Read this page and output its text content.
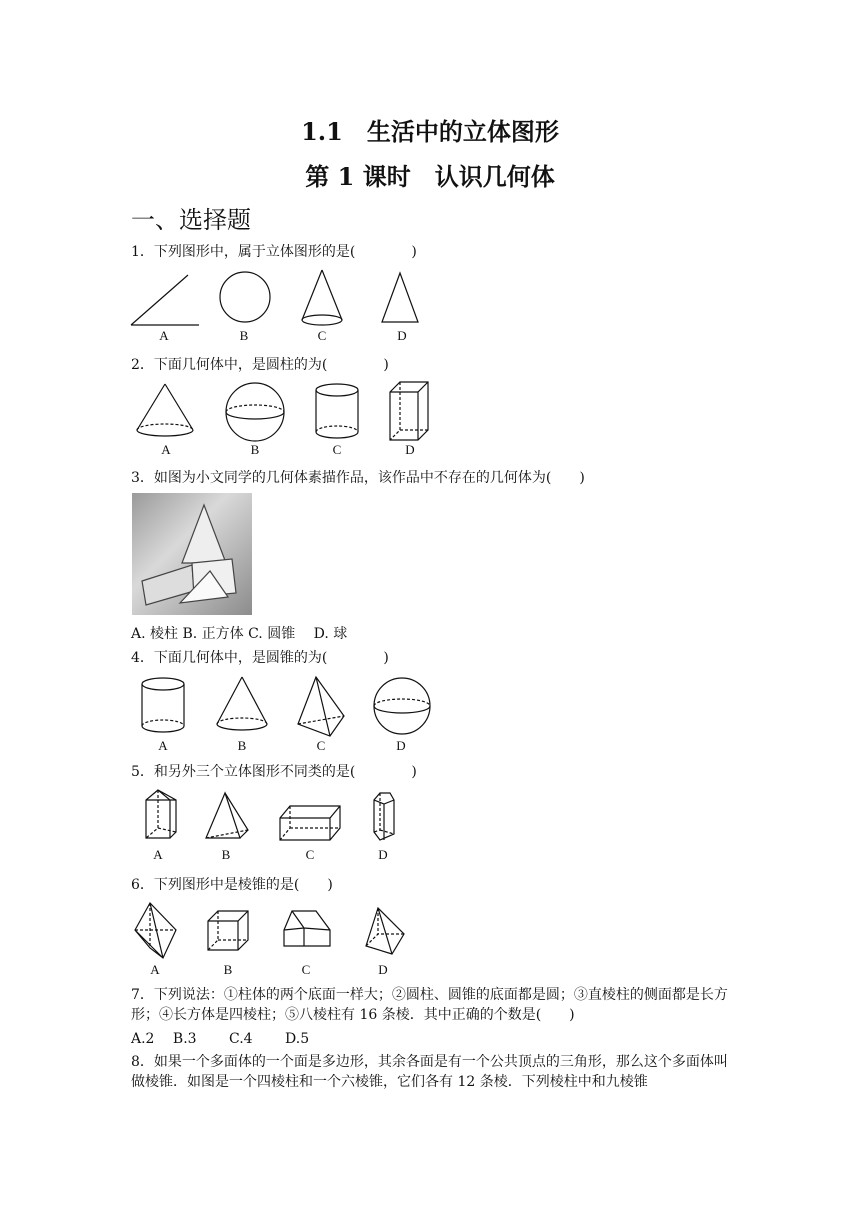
1.1　生活中的立体图形
第 1 课时　认识几何体
一、选择题
1．下列图形中，属于立体图形的是(　　　　)
A	B	C	D
2．下面几何体中，是圆柱的为(　　　　)
A	B	C	D
3．如图为小文同学的几何体素描作品，该作品中不存在的几何体为(　　)
A. 棱柱 B. 正方体 C. 圆锥　 D. 球
4．下面几何体中，是圆锥的为(　　　　)
A	B	C	D
5．和另外三个立体图形不同类的是(　　　　)
A	B	C	D
6．下列图形中是棱锥的是(　　)
A	B	C	D
7．下列说法：①柱体的两个底面一样大；②圆柱、圆锥的底面都是圆；③直棱柱的侧面都是长方形；④长方体是四棱柱；⑤八棱柱有 16 条棱．其中正确的个数是(　　)
A.2　 B.3　　 C.4　　 D.5
8．如果一个多面体的一个面是多边形，其余各面是有一个公共顶点的三角形，那么这个多面体叫做棱锥．如图是一个四棱柱和一个六棱锥，它们各有 12 条棱．下列棱柱中和九棱锥
